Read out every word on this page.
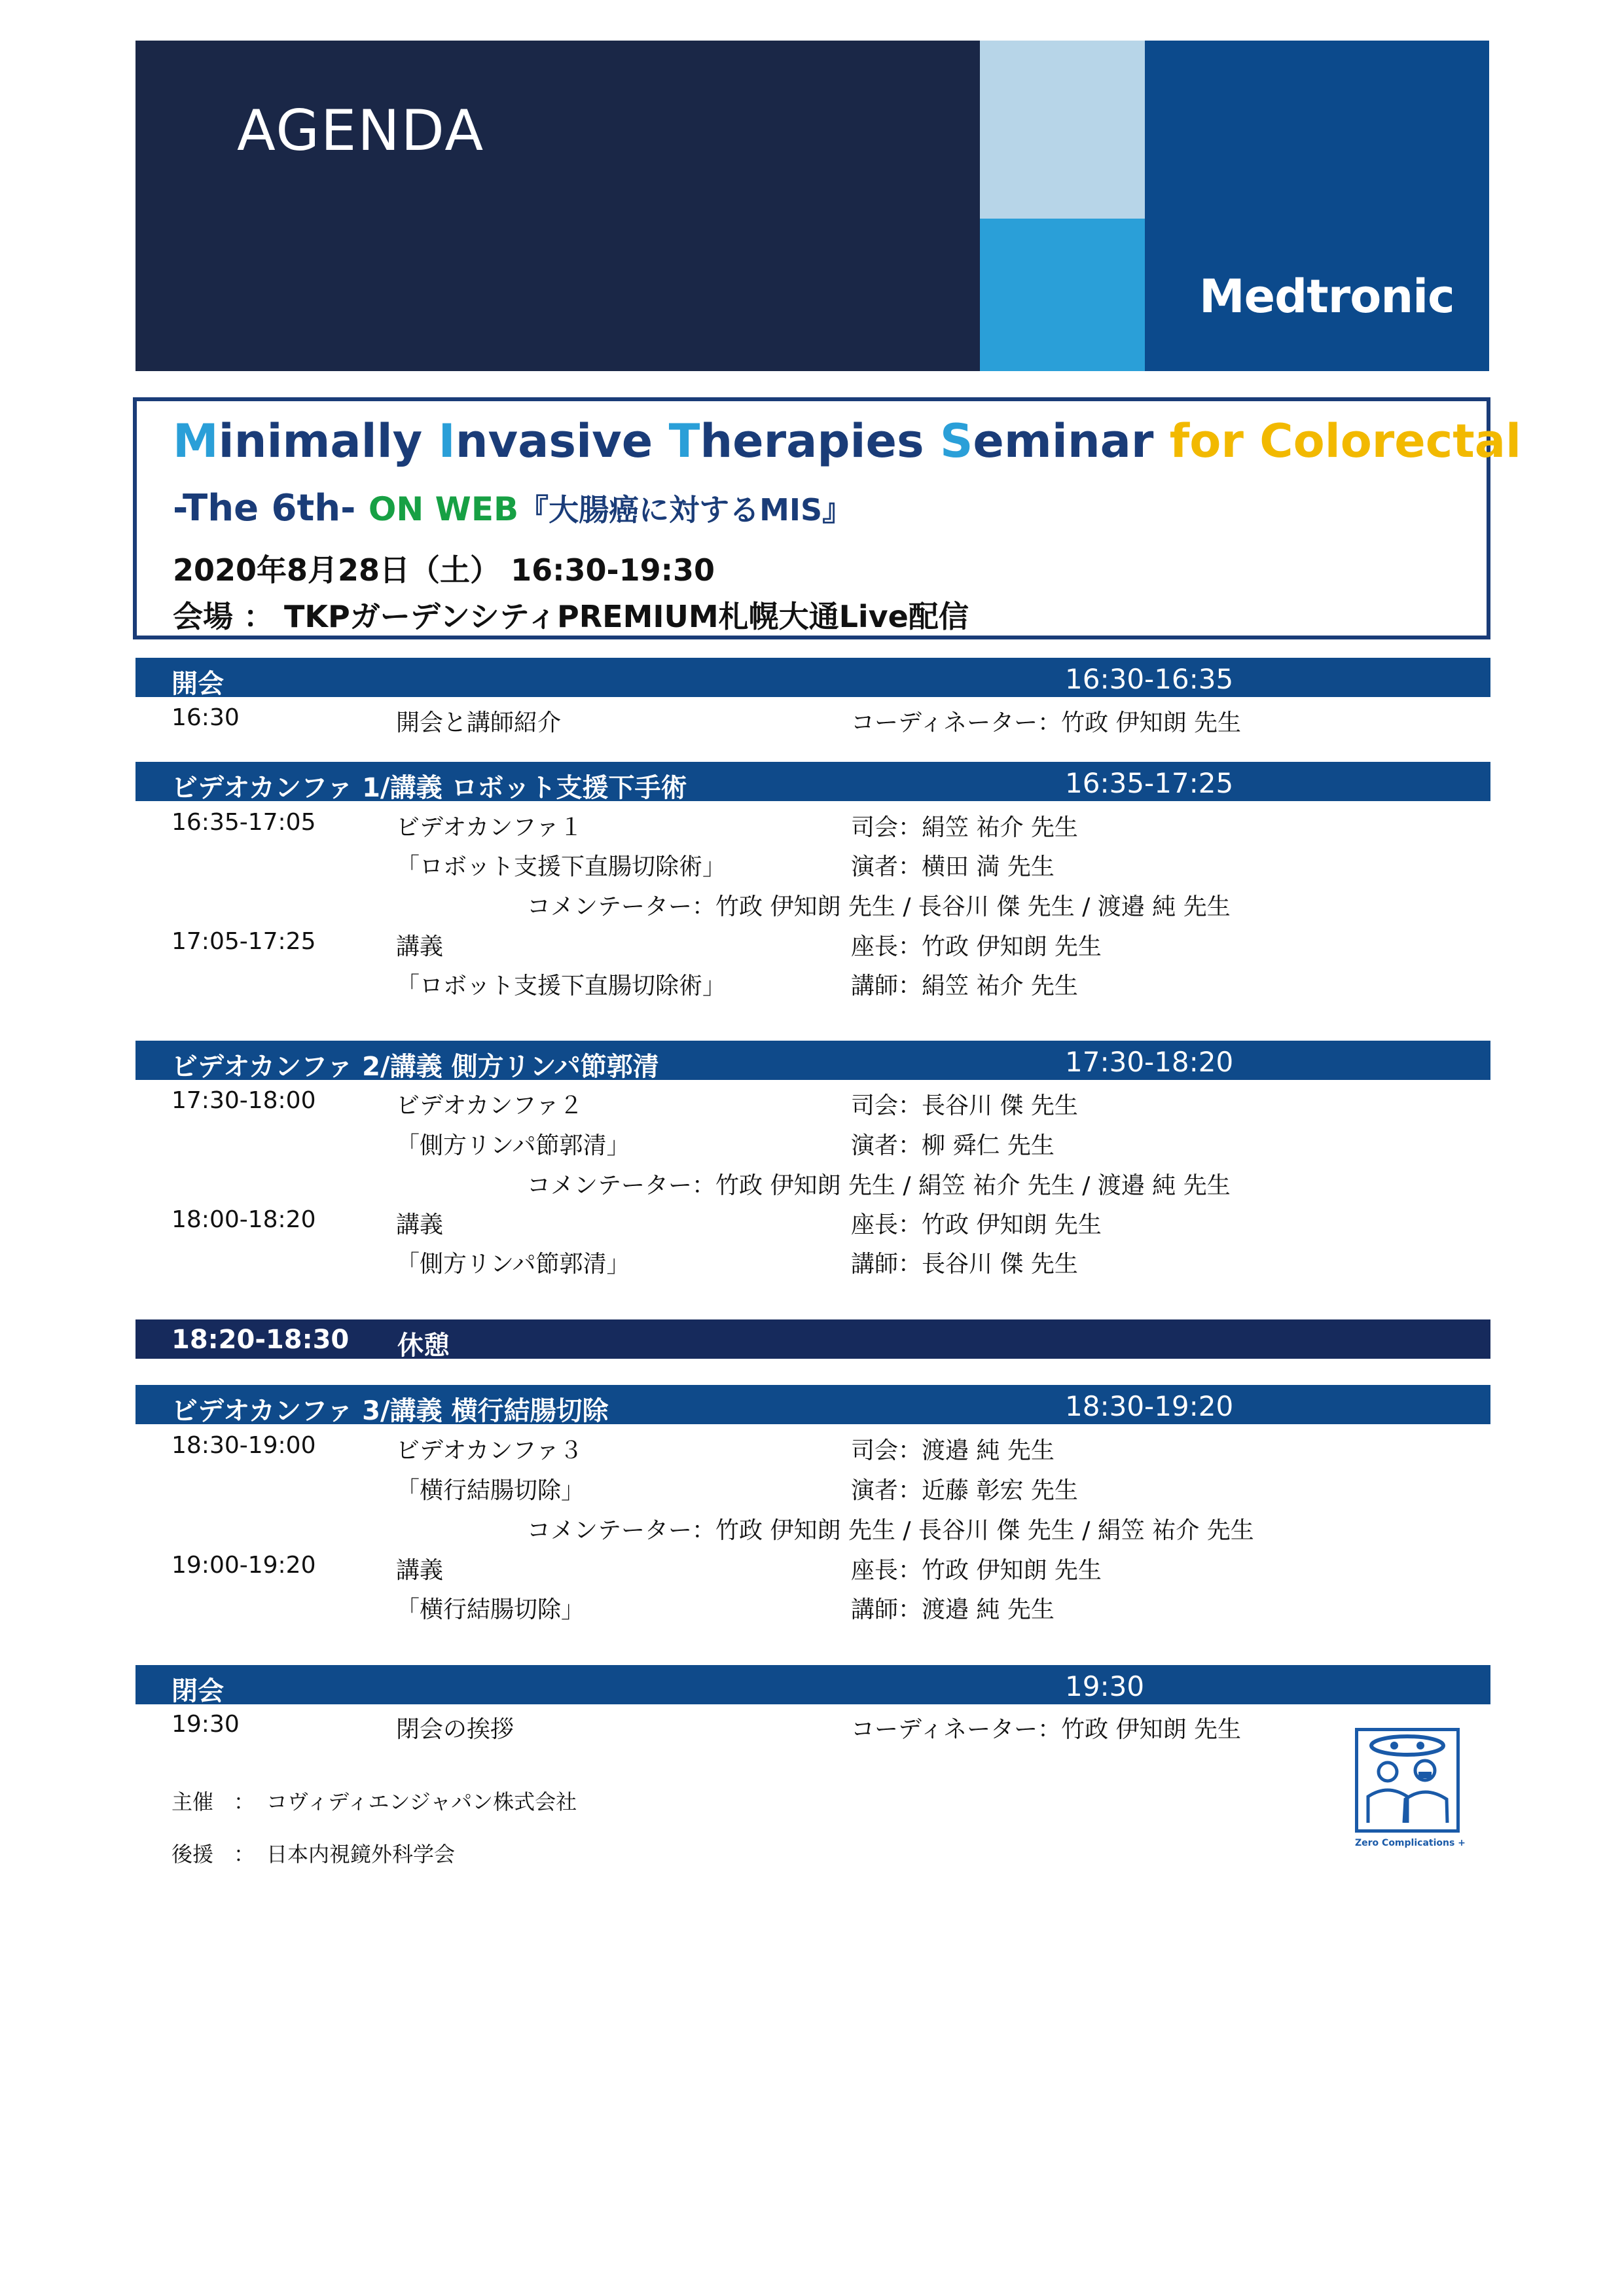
AGENDA
Medtronic
Minimally Invasive Therapies Seminar for Colorectal
-The 6th- ON WEB『大腸癌に対するMIS』
2020年8月28日（土） 16:30-19:30
会場 ： TKPガーデンシティPREMIUM札幌大通Live配信
開会	16:30-16:35
16:30	開会と講師紹介	コーディネーター：竹政 伊知朗 先生
ビデオカンファ 1/講義 ロボット支援下手術	16:35-17:25
16:35-17:05	ビデオカンファ１	司会：絹笠 祐介 先生
「ロボット支援下直腸切除術」	演者：横田 満 先生
コメンテーター：竹政 伊知朗 先生 / 長谷川 傑 先生 / 渡邉 純 先生
17:05-17:25	講義	座長：竹政 伊知朗 先生
「ロボット支援下直腸切除術」	講師：絹笠 祐介 先生
ビデオカンファ 2/講義 側方リンパ節郭清	17:30-18:20
17:30-18:00	ビデオカンファ２	司会：長谷川 傑 先生
「側方リンパ節郭清」	演者：柳 舜仁 先生
コメンテーター：竹政 伊知朗 先生 / 絹笠 祐介 先生 / 渡邉 純 先生
18:00-18:20	講義	座長：竹政 伊知朗 先生
「側方リンパ節郭清」	講師：長谷川 傑 先生
18:20-18:30 休憩
ビデオカンファ 3/講義 横行結腸切除	18:30-19:20
18:30-19:00	ビデオカンファ３	司会：渡邉 純 先生
「横行結腸切除」	演者：近藤 彰宏 先生
コメンテーター：竹政 伊知朗 先生 / 長谷川 傑 先生 / 絹笠 祐介 先生
19:00-19:20	講義	座長：竹政 伊知朗 先生
「横行結腸切除」	講師：渡邉 純 先生
閉会	19:30
19:30	閉会の挨拶	コーディネーター：竹政 伊知朗 先生
主催 ： コヴィディエンジャパン株式会社
後援 ： 日本内視鏡外科学会	Zero Complications +
